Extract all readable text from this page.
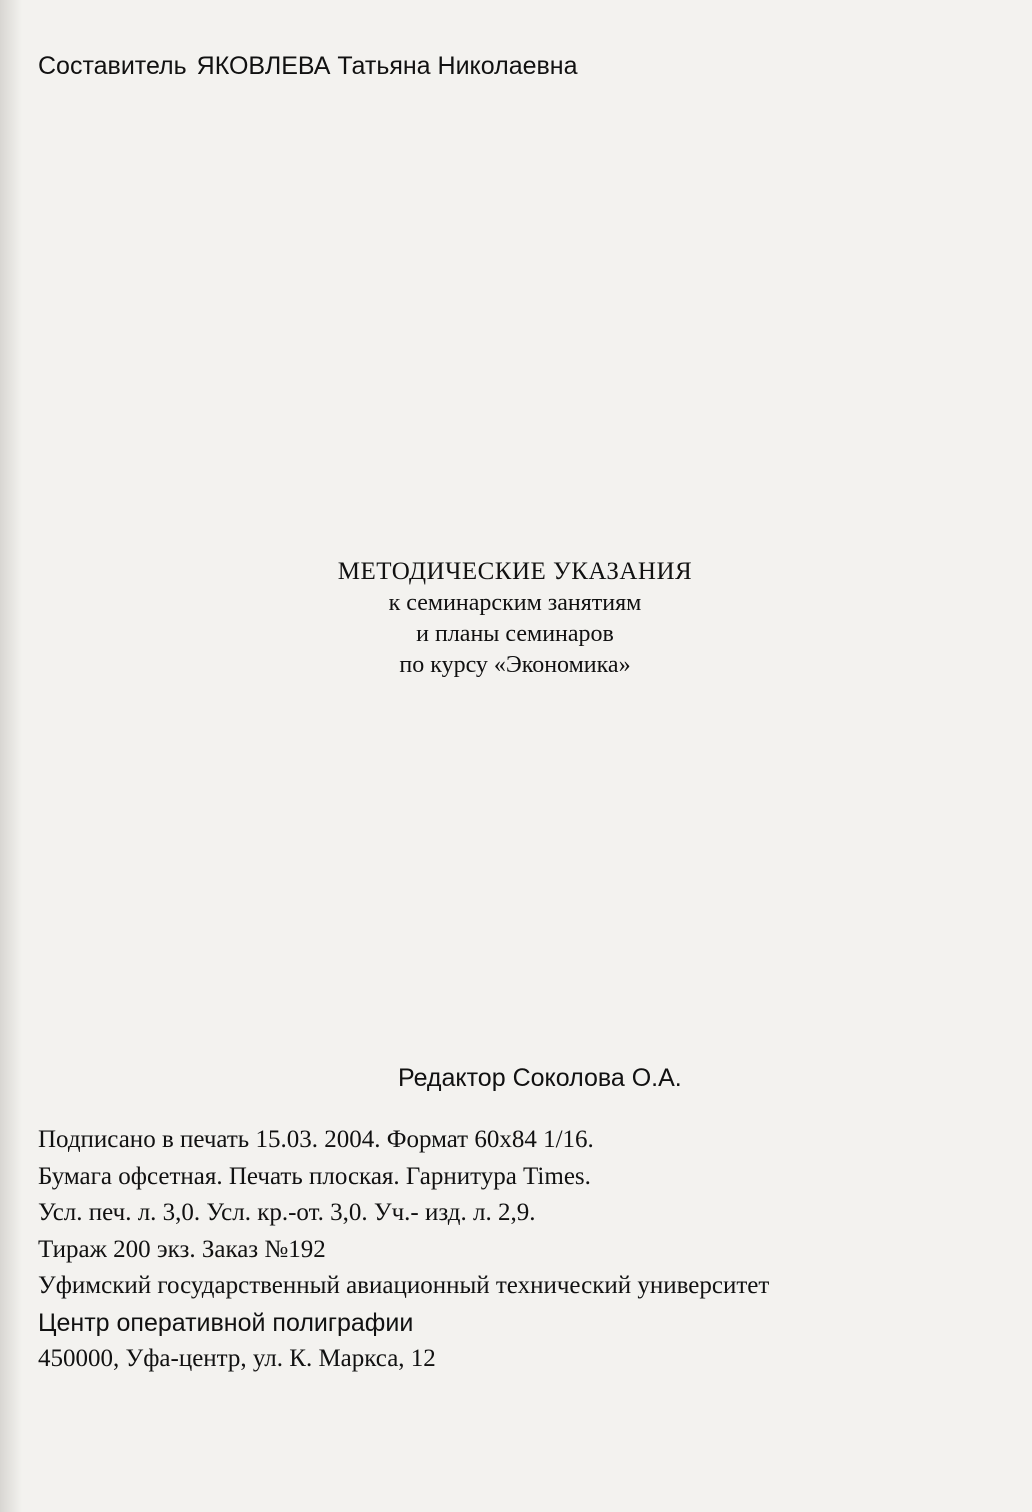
Составитель ЯКОВЛЕВА Татьяна Николаевна
МЕТОДИЧЕСКИЕ УКАЗАНИЯ
к семинарским занятиям
и планы семинаров
по курсу «Экономика»
Редактор Соколова О.А.
Подписано в печать 15.03. 2004. Формат 60х84 1/16.
Бумага офсетная. Печать плоская. Гарнитура Times.
Усл. печ. л. 3,0. Усл. кр.-от. 3,0. Уч.- изд. л. 2,9.
Тираж 200 экз. Заказ №192
Уфимский государственный авиационный технический университет
Центр оперативной полиграфии
450000, Уфа-центр, ул. К. Маркса, 12
